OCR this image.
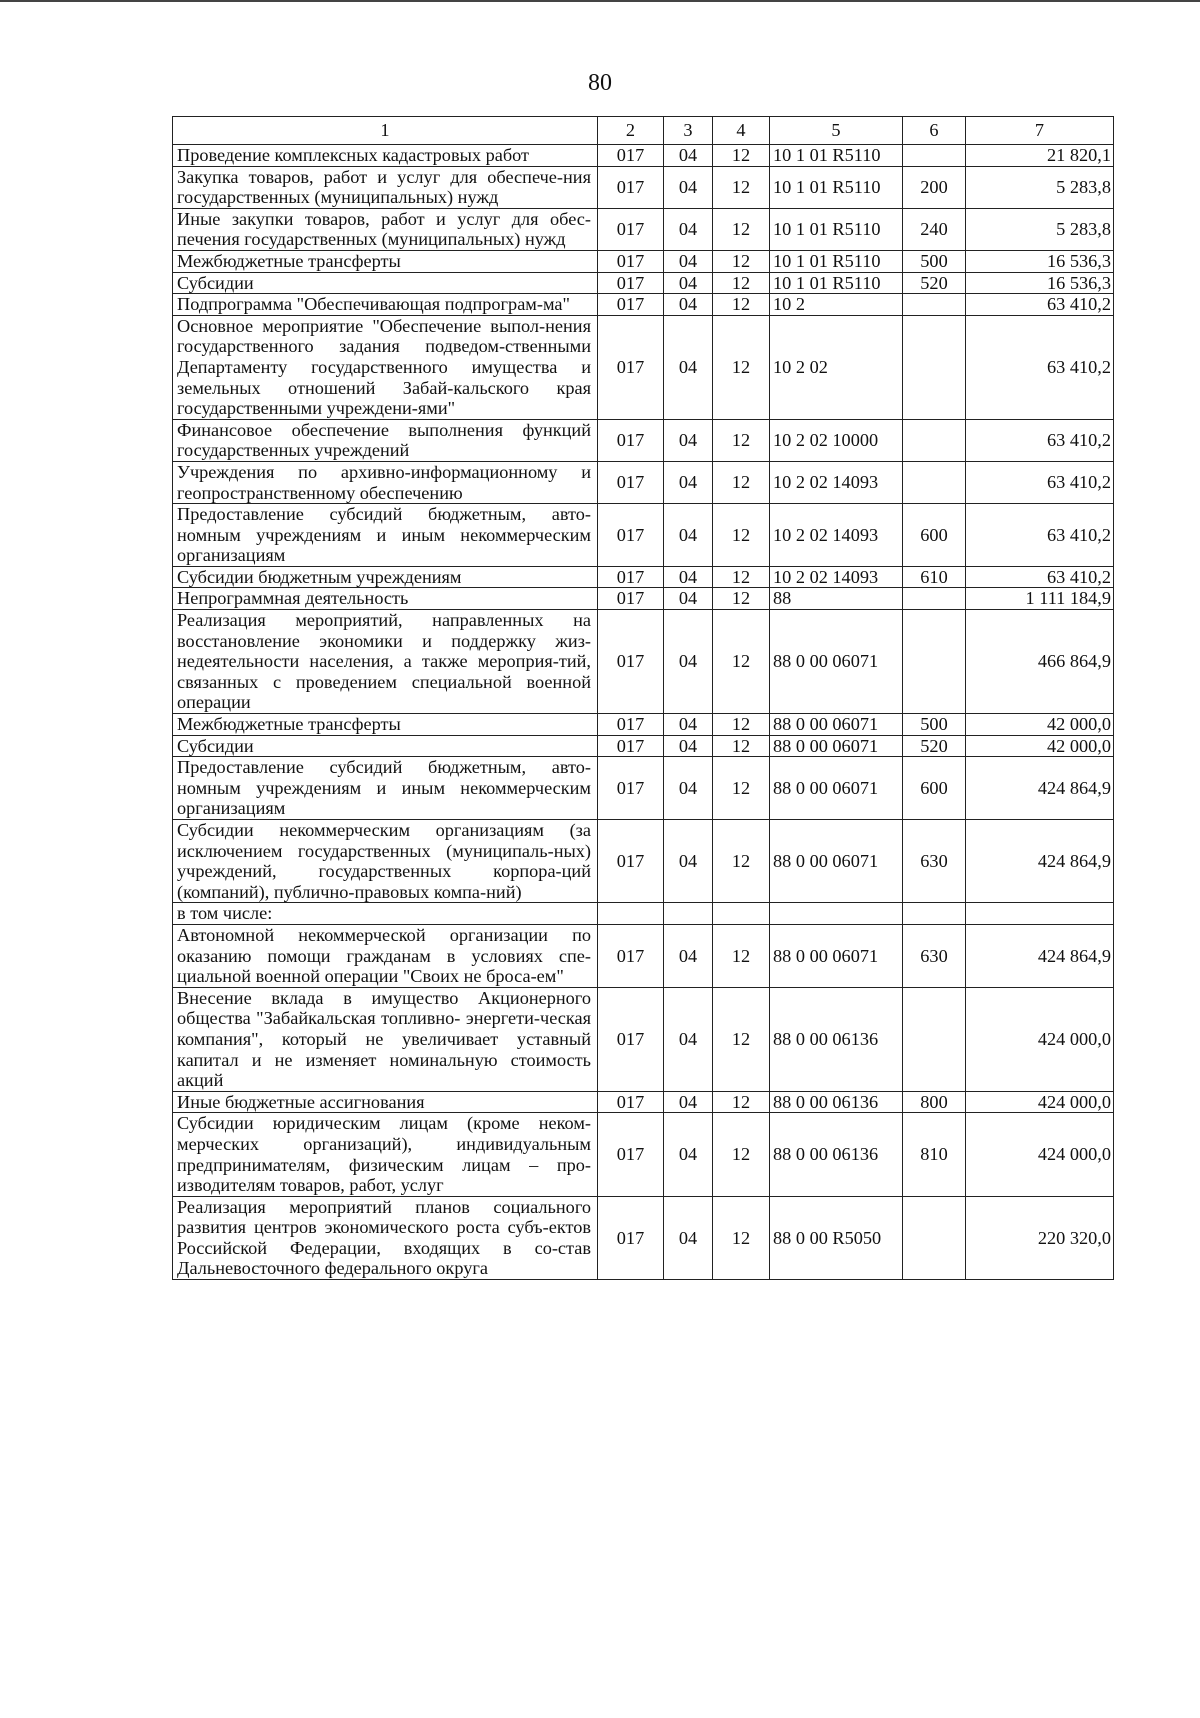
80
1	2	3	4	5	6	7
Проведение комплексных кадастровых работ	017	04	12	10 1 01 R5110		21 820,1
Закупка товаров, работ и услуг для обеспече-ния государственных (муниципальных) нужд	017	04	12	10 1 01 R5110	200	5 283,8
Иные закупки товаров, работ и услуг для обес-печения государственных (муниципальных) нужд	017	04	12	10 1 01 R5110	240	5 283,8
Межбюджетные трансферты	017	04	12	10 1 01 R5110	500	16 536,3
Субсидии	017	04	12	10 1 01 R5110	520	16 536,3
Подпрограмма "Обеспечивающая подпрограм-ма"	017	04	12	10 2		63 410,2
Основное мероприятие "Обеспечение выпол-нения государственного задания подведом-ственными Департаменту государственного имущества и земельных отношений Забай-кальского края государственными учреждени-ями"	017	04	12	10 2 02		63 410,2
Финансовое обеспечение выполнения функций государственных учреждений	017	04	12	10 2 02 10000		63 410,2
Учреждения по архивно-информационному и геопространственному обеспечению	017	04	12	10 2 02 14093		63 410,2
Предоставление субсидий бюджетным, авто-номным учреждениям и иным некоммерческим организациям	017	04	12	10 2 02 14093	600	63 410,2
Субсидии бюджетным учреждениям	017	04	12	10 2 02 14093	610	63 410,2
Непрограммная деятельность	017	04	12	88		1 111 184,9
Реализация мероприятий, направленных на восстановление экономики и поддержку жиз-недеятельности населения, а также мероприя-тий, связанных с проведением специальной военной операции	017	04	12	88 0 00 06071		466 864,9
Межбюджетные трансферты	017	04	12	88 0 00 06071	500	42 000,0
Субсидии	017	04	12	88 0 00 06071	520	42 000,0
Предоставление субсидий бюджетным, авто-номным учреждениям и иным некоммерческим организациям	017	04	12	88 0 00 06071	600	424 864,9
Субсидии некоммерческим организациям (за исключением государственных (муниципаль-ных) учреждений, государственных корпора-ций (компаний), публично-правовых компа-ний)	017	04	12	88 0 00 06071	630	424 864,9
в том числе:						
Автономной некоммерческой организации по оказанию помощи гражданам в условиях спе-циальной военной операции "Своих не броса-ем"	017	04	12	88 0 00 06071	630	424 864,9
Внесение вклада в имущество Акционерного общества "Забайкальская топливно- энергети-ческая компания", который не увеличивает уставный капитал и не изменяет номинальную стоимость акций	017	04	12	88 0 00 06136		424 000,0
Иные бюджетные ассигнования	017	04	12	88 0 00 06136	800	424 000,0
Субсидии юридическим лицам (кроме неком-мерческих организаций), индивидуальным предпринимателям, физическим лицам – про-изводителям товаров, работ, услуг	017	04	12	88 0 00 06136	810	424 000,0
Реализация мероприятий планов социального развития центров экономического роста субъ-ектов Российской Федерации, входящих в со-став Дальневосточного федерального округа	017	04	12	88 0 00 R5050		220 320,0
